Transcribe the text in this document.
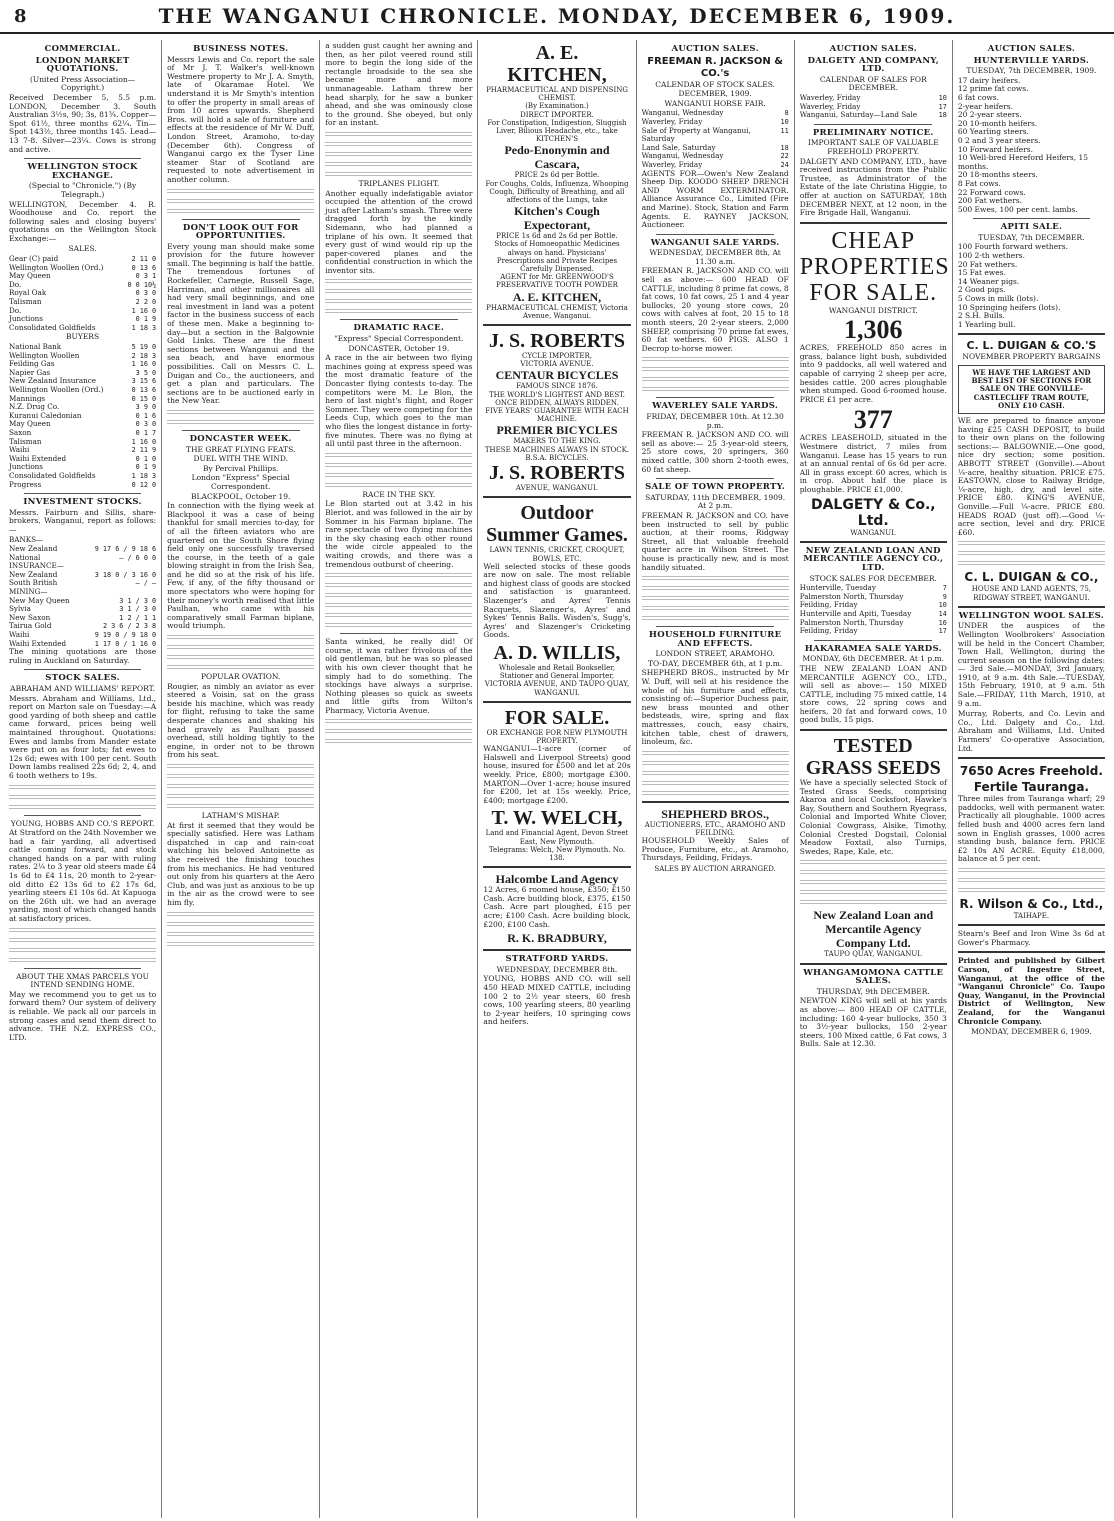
8	THE WANGANUI CHRONICLE. MONDAY, DECEMBER 6, 1909.
COMMERCIAL.
LONDON MARKET QUOTATIONS.
(United Press Association—Copyright.)
Received December 5, 5.5 p.m. LONDON, December 3. South Australian 3½s, 90; 3s, 81¾. Copper—Spot 61½, three months 62¼. Tin—Spot 143½, three months 145. Lead—13 7-8. Silver—23¼. Cows is strong and active.
WELLINGTON STOCK EXCHANGE.
(Special to "Chronicle.") (By Telegraph.)
WELLINGTON, December 4. R. Woodhouse and Co. report the following sales and closing buyers' quotations on the Wellington Stock Exchange:—
SALES.
Gear (C) paid	2 11 0
Wellington Woollen (Ord.)	0 13 6
May Queen	0 3 1
Do.	0 0 10½
Royal Oak	0 3 0
Talisman	2 2 0
Do.	1 16 0
Junctions	0 1 9
Consolidated Goldfields	1 18 3
BUYERS
National Bank	5 19 0
Wellington Woollen	2 18 3
Feilding Gas	1 16 0
Napier Gas	3 5 0
New Zealand Insurance	3 15 6
Wellington Woollen (Ord.)	0 13 6
Mannings	0 15 0
N.Z. Drug Co.	3 9 0
Kuranui Caledonian	0 1 6
May Queen	0 3 0
Saxon	0 1 7
Talisman	1 16 0
Waihi	2 11 9
Waihi Extended	0 1 0
Junctions	0 1 9
Consolidated Goldfields	1 18 3
Progress	0 12 0
INVESTMENT STOCKS.
Messrs. Fairburn and Sillis, share-brokers, Wanganui, report as follows:—
BANKS—
New Zealand	9 17 6 / 9 18 6
National	— / 6 0 0
INSURANCE—
New Zealand	3 18 0 / 3 16 0
South British	— / —
MINING—
New May Queen	3 1 / 3 0
Sylvia	3 1 / 3 0
New Saxon	1 2 / 1 1
Tairua Gold	2 3 6 / 2 3 8
Waihi	9 19 0 / 9 18 0
Waihi Extended	1 17 0 / 1 16 0
The mining quotations are those ruling in Auckland on Saturday.
STOCK SALES.
ABRAHAM AND WILLIAMS' REPORT.
Messrs. Abraham and Williams, Ltd., report on Marton sale on Tuesday:—A good yarding of both sheep and cattle came forward, prices being well maintained throughout. Quotations: Ewes and lambs from Mander estate were put on as four lots; fat ewes to 12s 6d; ewes with 100 per cent. South Down lambs realised 22s 6d; 2, 4, and 6 tooth wethers to 19s.
YOUNG, HOBBS AND CO.'S REPORT.
At Stratford on the 24th November we had a fair yarding, all advertised cattle coming forward, and stock changed hands on a par with ruling rates. 2¼ to 3 year old steers made £4 1s 6d to £4 11s, 20 month to 2-year-old ditto £2 13s 6d to £2 17s 6d, yearling steers £1 10s 6d. At Kapuoga on the 26th ult. we had an average yarding, most of which changed hands at satisfactory prices.
ABOUT THE XMAS PARCELS YOU INTEND SENDING HOME.
May we recommend you to get us to forward them? Our system of delivery is reliable. We pack all our parcels in strong cases and send them direct to advance. THE N.Z. EXPRESS CO., LTD.
BUSINESS NOTES.
Messrs Lewis and Co. report the sale of Mr J. T. Walker's well-known Westmere property to Mr J. A. Smyth, late of Okaramae Hotel. We understand it is Mr Smyth's intention to offer the property in small areas of from 10 acres upwards. Shepherd Bros. will hold a sale of furniture and effects at the residence of Mr W. Duff, London Street, Aramoho, to-day (December 6th). Congress of Wanganui cargo ex the Tyser Line steamer Star of Scotland are requested to note advertisement in another column.
DON'T LOOK OUT FOR OPPORTUNITIES.
Every young man should make some provision for the future however small. The beginning is half the battle. The tremendous fortunes of Rockefeller, Carnegie, Russell Sage, Harriman, and other millionaires all had very small beginnings, and one real investment in land was a potent factor in the business success of each of these men. Make a beginning to-day—but a section in the Balgownie Gold Links. These are the finest sections between Wanganui and the sea beach, and have enormous possibilities. Call on Messrs C. L. Duigan and Co., the auctioneers, and get a plan and particulars. The sections are to be auctioned early in the New Year.
DONCASTER WEEK.
THE GREAT FLYING FEATS.
DUEL WITH THE WIND.
By Percival Phillips.
London "Express" Special Correspondent.
BLACKPOOL, October 19.
In connection with the flying week at Blackpool it was a case of being thankful for small mercies to-day, for of all the fifteen aviators who are quartered on the South Shore flying field only one successfully traversed the course, in the teeth of a gale blowing straight in from the Irish Sea, and he did so at the risk of his life. Few, if any, of the fifty thousand or more spectators who were hoping for their money's worth realised that little Paulhan, who came with his comparatively small Farman biplane, would triumph.
POPULAR OVATION.
Rougier, as nimbly an aviator as ever steered a Voisin, sat on the grass beside his machine, which was ready for flight, refusing to take the same desperate chances and shaking his head gravely as Paulhan passed overhead, still holding tightly to the engine, in order not to be thrown from his seat.
LATHAM'S MISHAP.
At first it seemed that they would be specially satisfied. Here was Latham dispatched in cap and rain-coat watching his beloved Antoinette as she received the finishing touches from his mechanics. He had ventured out only from his quarters at the Aero Club, and was just as anxious to be up in the air as the crowd were to see him fly.
a sudden gust caught her awning and then, as her pilot veered round still more to begin the long side of the rectangle broadside to the sea she became more and more unmanageable. Latham threw her head sharply, for he saw a bunker ahead, and she was ominously close to the ground. She obeyed, but only for an instant.
TRIPLANES FLIGHT.
Another equally indefatigable aviator occupied the attention of the crowd just after Latham's smash. Three were dragged forth by the kindly Sidemann, who had planned a triplane of his own. It seemed that every gust of wind would rip up the paper-covered planes and the confidential construction in which the inventor sits.
DRAMATIC RACE.
"Express" Special Correspondent.
DONCASTER, October 19.
A race in the air between two flying machines going at express speed was the most dramatic feature of the Doncaster flying contests to-day. The competitors were M. Le Blon, the hero of last night's flight, and Roger Sommer. They were competing for the Leeds Cup, which goes to the man who flies the longest distance in forty-five minutes. There was no flying at all until past three in the afternoon.
RACE IN THE SKY.
Le Blon started out at 3.42 in his Bleriot, and was followed in the air by Sommer in his Farman biplane. The rare spectacle of two flying machines in the sky chasing each other round the wide circle appealed to the waiting crowds, and there was a tremendous outburst of cheering.
Santa winked, he really did! Of course, it was rather frivolous of the old gentleman, but he was so pleased with his own clever thought that he simply had to do something. The stockings have always a surprise. Nothing pleases so quick as sweets and little gifts from Wilton's Pharmacy, Victoria Avenue.
A. E. KITCHEN,
PHARMACEUTICAL AND DISPENSING CHEMIST.
(By Examination.)
DIRECT IMPORTER.
For Constipation, Indigestion, Sluggish Liver, Bilious Headache, etc., take KITCHEN'S
Pedo-Enonymin and Cascara,
PRICE 2s 6d per Bottle.
For Coughs, Colds, Influenza, Whooping Cough, Difficulty of Breathing, and all affections of the Lungs, take
Kitchen's Cough Expectorant,
PRICE 1s 6d and 2s 6d per Bottle.
Stocks of Homoeopathic Medicines always on hand. Physicians' Prescriptions and Private Recipes Carefully Dispensed.
AGENT for Mr. GREENWOOD'S PRESERVATIVE TOOTH POWDER
A. E. KITCHEN,
PHARMACEUTICAL CHEMIST, Victoria Avenue, Wanganui.
J. S. ROBERTS
CYCLE IMPORTER,
VICTORIA AVENUE.
CENTAUR BICYCLES
FAMOUS SINCE 1876.
THE WORLD'S LIGHTEST AND BEST.
ONCE RIDDEN, ALWAYS RIDDEN.
FIVE YEARS' GUARANTEE WITH EACH MACHINE.
PREMIER BICYCLES
MAKERS TO THE KING.
THESE MACHINES ALWAYS IN STOCK.
B.S.A. BICYCLES.
J. S. ROBERTS
AVENUE, WANGANUI.
Outdoor Summer Games.
LAWN TENNIS, CRICKET, CROQUET, BOWLS, ETC.
Well selected stocks of these goods are now on sale. The most reliable and highest class of goods are stocked and satisfaction is guaranteed. Slazenger's and Ayres' Tennis Racquets, Slazenger's, Ayres' and Sykes' Tennis Balls. Wisden's, Sugg's, Ayres' and Slazenger's Cricketing Goods.
A. D. WILLIS,
Wholesale and Retail Bookseller, Stationer and General Importer, VICTORIA AVENUE, AND TAUPO QUAY, WANGANUI.
FOR SALE.
OR EXCHANGE FOR NEW PLYMOUTH PROPERTY.
WANGANUI—1-acre (corner of Halswell and Liverpool Streets) good house, insured for £500 and let at 20s weekly. Price, £800; mortgage £300. MARTON—Over 1-acre; house insured for £200, let at 15s weekly. Price, £400; mortgage £200.
T. W. WELCH,
Land and Financial Agent, Devon Street East, New Plymouth.
Telegrams: Welch, New Plymouth. No. 138.
Halcombe Land Agency
12 Acres, 6 roomed house, £350; £150 Cash. Acre building block, £375, £150 Cash. Acre part ploughed, £15 per acre; £100 Cash. Acre building block, £200, £100 Cash.
R. K. BRADBURY,
STRATFORD YARDS.
WEDNESDAY, DECEMBER 8th.
YOUNG, HOBBS AND CO. will sell 450 HEAD MIXED CATTLE, including 100 2 to 2½ year steers, 60 fresh cows, 100 yearling steers, 80 yearling to 2-year heifers, 10 springing cows and heifers.
AUCTION SALES.
FREEMAN R. JACKSON & CO.'s
CALENDAR OF STOCK SALES.
DECEMBER, 1909.
WANGANUI HORSE FAIR.
Wanganui, Wednesday	8
Waverley, Friday	10
Sale of Property at Wanganui, Saturday
11
Land Sale, Saturday	18
Wanganui, Wednesday	22
Waverley, Friday	24
AGENTS FOR—Owen's New Zealand Sheep Dip. KOODO SHEEP DRENCH AND WORM EXTERMINATOR. Alliance Assurance Co., Limited (Fire and Marine). Stock, Station and Farm Agents. E. RAYNEY JACKSON, Auctioneer.
WANGANUI SALE YARDS.
WEDNESDAY, DECEMBER 8th, At 11.30 a.m.
FREEMAN R. JACKSON AND CO. will sell as above:— 600 HEAD OF CATTLE, including 8 prime fat cows, 8 fat cows, 10 fat cows, 25 1 and 4 year bullocks, 20 young store cows, 20 cows with calves at foot, 20 15 to 18 month steers, 20 2-year steers. 2,000 SHEEP, comprising 70 prime fat ewes, 60 fat wethers. 60 PIGS. ALSO 1 Decrop to-horse mower.
WAVERLEY SALE YARDS.
FRIDAY, DECEMBER 10th. At 12.30 p.m.
FREEMAN R. JACKSON AND CO. will sell as above:— 25 3-year-old steers, 25 store cows, 20 springers, 360 mixed cattle, 300 shorn 2-tooth ewes, 60 fat sheep.
SALE OF TOWN PROPERTY.
SATURDAY, 11th DECEMBER, 1909. At 2 p.m.
FREEMAN R. JACKSON and CO. have been instructed to sell by public auction, at their rooms, Ridgway Street, all that valuable freehold quarter acre in Wilson Street. The house is practically new, and is most handily situated.
HOUSEHOLD FURNITURE AND EFFECTS.
LONDON STREET, ARAMOHO.
TO-DAY, DECEMBER 6th, at 1 p.m.
SHEPHERD BROS., instructed by Mr W. Duff, will sell at his residence the whole of his furniture and effects, consisting of:—Superior Duchess pair, new brass mounted and other bedsteads, wire, spring and flax mattresses, couch, easy chairs, kitchen table, chest of drawers, linoleum, &c.
SHEPHERD BROS.,
AUCTIONEERS, ETC., ARAMOHO AND FEILDING.
HOUSEHOLD Weekly Sales of Produce, Furniture, etc., at Aramoho, Thursdays, Feilding, Fridays.
SALES BY AUCTION ARRANGED.
AUCTION SALES.
DALGETY AND COMPANY, LTD.
CALENDAR OF SALES FOR DECEMBER.
Waverley, Friday	10
Waverley, Friday	17
Wanganui, Saturday—Land Sale	18
PRELIMINARY NOTICE.
IMPORTANT SALE OF VALUABLE FREEHOLD PROPERTY.
DALGETY AND COMPANY, LTD., have received instructions from the Public Trustee, as Administrator of the Estate of the late Christina Higgie, to offer at auction on SATURDAY, 18th DECEMBER NEXT, at 12 noon, in the Fire Brigade Hall, Wanganui.
CHEAP PROPERTIES FOR SALE.
WANGANUI DISTRICT.
1,306
ACRES, FREEHOLD 850 acres in grass, balance light bush, subdivided into 9 paddocks, all well watered and capable of carrying 2 sheep per acre, besides cattle. 200 acres ploughable when stumped. Good 6-roomed house. PRICE £1 per acre.
377
ACRES LEASEHOLD, situated in the Westmere district, 7 miles from Wanganui. Lease has 15 years to run at an annual rental of 6s 6d per acre. All in grass except 60 acres, which is in crop. About half the place is ploughable. PRICE £1,000.
DALGETY & Co., Ltd.
WANGANUI.
NEW ZEALAND LOAN AND MERCANTILE AGENCY CO., LTD.
STOCK SALES FOR DECEMBER.
Hunterville, Tuesday	7
Palmerston North, Thursday	9
Feilding, Friday	10
Hunterville and Apiti, Tuesday	14
Palmerston North, Thursday	16
Feilding, Friday	17
HAKARAMEA SALE YARDS.
MONDAY, 6th DECEMBER. At 1 p.m.
THE NEW ZEALAND LOAN AND MERCANTILE AGENCY CO., LTD., will sell as above:— 150 MIXED CATTLE, including 75 mixed cattle, 14 store cows, 22 spring cows and heifers, 20 fat and forward cows, 10 good bulls, 15 pigs.
TESTED GRASS SEEDS
We have a specially selected Stock of Tested Grass Seeds, comprising Akaroa and local Cocksfoot, Hawke's Bay, Southern and Southern Ryegrass, Colonial and Imported White Clover, Colonial Cowgrass, Alsike, Timothy, Colonial Crested Dogstail, Colonial Meadow Foxtail, also Turnips, Swedes, Rape, Kale, etc.
New Zealand Loan and Mercantile Agency Company Ltd.
TAUPO QUAY, WANGANUI.
WHANGAMOMONA CATTLE SALES.
THURSDAY, 9th DECEMBER.
NEWTON KING will sell at his yards as above:— 800 HEAD OF CATTLE, including: 160 4-year bullocks, 350 3 to 3½-year bullocks, 150 2-year steers, 100 Mixed cattle, 6 Fat cows, 3 Bulls. Sale at 12.30.
AUCTION SALES.
HUNTERVILLE YARDS.
TUESDAY, 7th DECEMBER, 1909.
17 dairy heifers.
12 prime fat cows.
6 fat cows.
2-year heifers.
20 2-year steers.
20 10-month heifers.
60 Yearling steers.
0 2 and 3 year steers.
10 Forward heifers.
10 Well-bred Hereford Heifers, 15 months.
20 18-months steers.
8 Fat cows.
22 Forward cows.
200 Fat wethers.
500 Ewes, 100 per cent. lambs.
APITI SALE.
TUESDAY, 7th DECEMBER.
100 Fourth forward wethers.
100 2-th wethers.
20 Fat wethers.
15 Fat ewes.
14 Weaner pigs.
2 Good pigs.
5 Cows in milk (lots).
10 Springing heifers (lots).
2 S.H. Bulls.
1 Yearling bull.
C. L. DUIGAN & CO.'S
NOVEMBER PROPERTY BARGAINS
WE HAVE THE LARGEST AND BEST LIST OF SECTIONS FOR SALE ON THE GONVILLE-CASTLECLIFF TRAM ROUTE, ONLY £10 CASH.
WE are prepared to finance anyone having £25 CASH DEPOSIT, to build to their own plans on the following sections:— BALGOWNIE.—One good, nice dry section; some position. ABBOTT STREET (Gonville).—About ¼-acre, healthy situation. PRICE £75. EASTOWN, close to Railway Bridge, ¼-acre, high, dry, and level site. PRICE £80. KING'S AVENUE, Gonville.—Full ¼-acre. PRICE £80. HEADS ROAD (just off).—Good ¼-acre section, level and dry. PRICE £60.
C. L. DUIGAN & CO.,
HOUSE AND LAND AGENTS, 75, RIDGWAY STREET, WANGANUI.
WELLINGTON WOOL SALES.
UNDER the auspices of the Wellington Woolbrokers' Association will be held in the Concert Chamber, Town Hall, Wellington, during the current season on the following dates:— 3rd Sale.—MONDAY, 3rd January, 1910, at 9 a.m. 4th Sale.—TUESDAY, 15th February, 1910, at 9 a.m. 5th Sale.—FRIDAY, 11th March, 1910, at 9 a.m.
Murray, Roberts, and Co. Levin and Co., Ltd. Dalgety and Co., Ltd. Abraham and Williams, Ltd. United Farmers' Co-operative Association, Ltd.
7650 Acres Freehold.
Fertile Tauranga.
Three miles from Tauranga wharf; 29 paddocks, well with permanent water. Practically all ploughable. 1000 acres felled bush and 4000 acres fern land sown in English grasses, 1000 acres standing bush, balance fern. PRICE £2 10s AN ACRE. Equity £18,000, balance at 5 per cent.
R. Wilson & Co., Ltd.,
TAIHAPE.
Stearn's Beef and Iron Wine 3s 6d at Gower's Pharmacy.
Printed and published by Gilbert Carson, of Ingestre Street, Wanganui, at the office of the "Wanganui Chronicle" Co. Taupo Quay, Wanganui, in the Provincial District of Wellington, New Zealand, for the Wanganui Chronicle Company.
MONDAY, DECEMBER 6, 1909.
